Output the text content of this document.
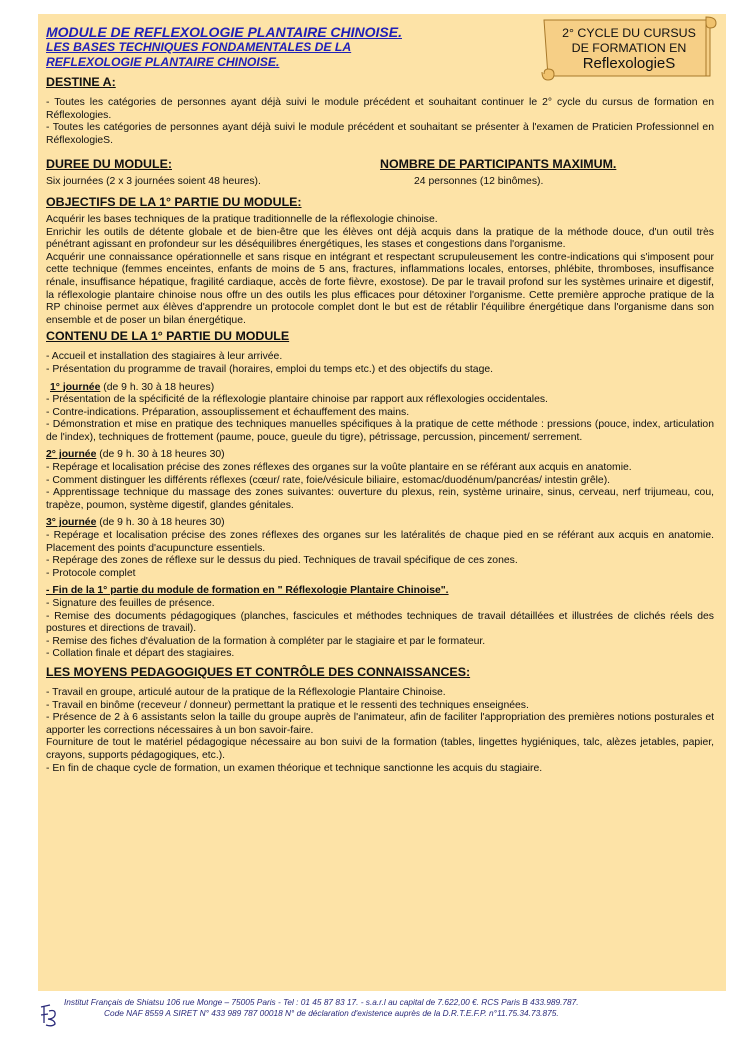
MODULE DE REFLEXOLOGIE PLANTAIRE CHINOISE.
LES BASES TECHNIQUES FONDAMENTALES DE LA
REFLEXOLOGIE PLANTAIRE CHINOISE.
DESTINE A:

- Toutes les catégories de personnes ayant déjà suivi le module précédent et souhaitant continuer le 2° cycle du cursus de formation en Réflexologies.

- Toutes les catégories de personnes ayant déjà suivi le module précédent et souhaitant se présenter à l'examen de Praticien Professionnel en RéflexologieS.

DUREE DU MODULE:
Six journées (2 x 3 journées soient 48 heures).
NOMBRE DE PARTICIPANTS MAXIMUM.
24 personnes (12 binômes).
OBJECTIFS DE LA 1° PARTIE DU MODULE:

Acquérir les bases techniques de la pratique traditionnelle de la réflexologie chinoise.

Enrichir les outils de détente globale et de bien-être que les élèves ont déjà acquis dans la pratique de la méthode douce, d'un outil très pénétrant agissant en profondeur sur les déséquilibres énergétiques, les stases et congestions dans l'organisme.

Acquérir une connaissance opérationnelle et sans risque en intégrant et respectant scrupuleusement les contre-indications qui s'imposent pour cette technique (femmes enceintes, enfants de moins de 5 ans, fractures, inflammations locales, entorses, phlébite, thromboses, insuffisance rénale, insuffisance hépatique, fragilité cardiaque, accès de forte fièvre, exostose). De par le travail profond sur les systèmes urinaire et digestif, la réflexologie plantaire chinoise nous offre un des outils les plus efficaces pour détoxiner l'organisme. Cette première approche pratique de la RP chinoise permet aux élèves d'apprendre un protocole complet dont le but est de rétablir l'équilibre énergétique dans l'organisme dans son ensemble et de poser un bilan énergétique.

CONTENU DE LA 1° PARTIE DU MODULE

- Accueil et installation des stagiaires à leur arrivée.

- Présentation du programme de travail (horaires, emploi du temps etc.) et des objectifs du stage.

1° journée (de 9 h. 30 à 18 heures)

- Présentation de la spécificité de la réflexologie plantaire chinoise par rapport aux réflexologies occidentales.

- Contre-indications. Préparation, assouplissement et échauffement des mains.

- Démonstration et mise en pratique des techniques manuelles spécifiques à la pratique de cette méthode : pressions (pouce, index, articulation de l'index), techniques de frottement (paume, pouce, gueule du tigre), pétrissage, percussion, pincement/ serrement.

2° journée (de 9 h. 30 à 18 heures 30)

- Repérage et localisation précise des zones réflexes des organes sur la voûte plantaire en se référant aux acquis en anatomie.

- Comment distinguer les différents réflexes (cœur/ rate, foie/vésicule biliaire, estomac/duodénum/pancréas/ intestin grêle).

- Apprentissage technique du massage des zones suivantes: ouverture du plexus, rein, système urinaire, sinus, cerveau, nerf trijumeau, cou, trapèze, poumon, système digestif, glandes génitales.

3° journée (de 9 h. 30 à 18 heures 30)

- Repérage et localisation précise des zones réflexes des organes sur les latéralités de chaque pied en se référant aux acquis en anatomie. Placement des points d'acupuncture essentiels.

- Repérage des zones de réflexe sur le dessus du pied. Techniques de travail spécifique de ces zones.

- Protocole complet

- Fin de la 1° partie du module de formation en " Réflexologie Plantaire Chinoise".

- Signature des feuilles de présence.

- Remise des documents pédagogiques (planches, fascicules et méthodes techniques de travail détaillées et illustrées de clichés réels des postures et directions de travail).

- Remise des fiches d'évaluation de la formation à compléter par le stagiaire et par le formateur.

- Collation finale et départ des stagiaires.

LES MOYENS PEDAGOGIQUES ET CONTRÔLE DES CONNAISSANCES:

- Travail en groupe, articulé autour de la pratique de la Réflexologie Plantaire Chinoise.

- Travail en binôme (receveur / donneur) permettant la pratique et le ressenti des techniques enseignées.

- Présence de 2 à 6 assistants selon la taille du groupe auprès de l'animateur, afin de faciliter l'appropriation des premières notions posturales et apporter les corrections nécessaires à un bon savoir-faire.

Fourniture de tout le matériel pédagogique nécessaire au bon suivi de la formation (tables, lingettes hygiéniques, talc, alèzes jetables, papier, crayons, supports pédagogiques, etc.).

- En fin de chaque cycle de formation, un examen théorique et technique sanctionne les acquis du stagiaire.

2° CYCLE DU CURSUS
DE FORMATION EN
ReflexologieS
Institut Français de Shiatsu 106 rue Monge – 75005 Paris - Tel : 01 45 87 83 17. - s.a.r.l au capital de 7.622,00 €. RCS Paris B 433.989.787.
Code NAF 8559 A SIRET N° 433 989 787 00018 N° de déclaration d'existence auprès de la D.R.T.E.F.P. n°11.75.34.73.875.
